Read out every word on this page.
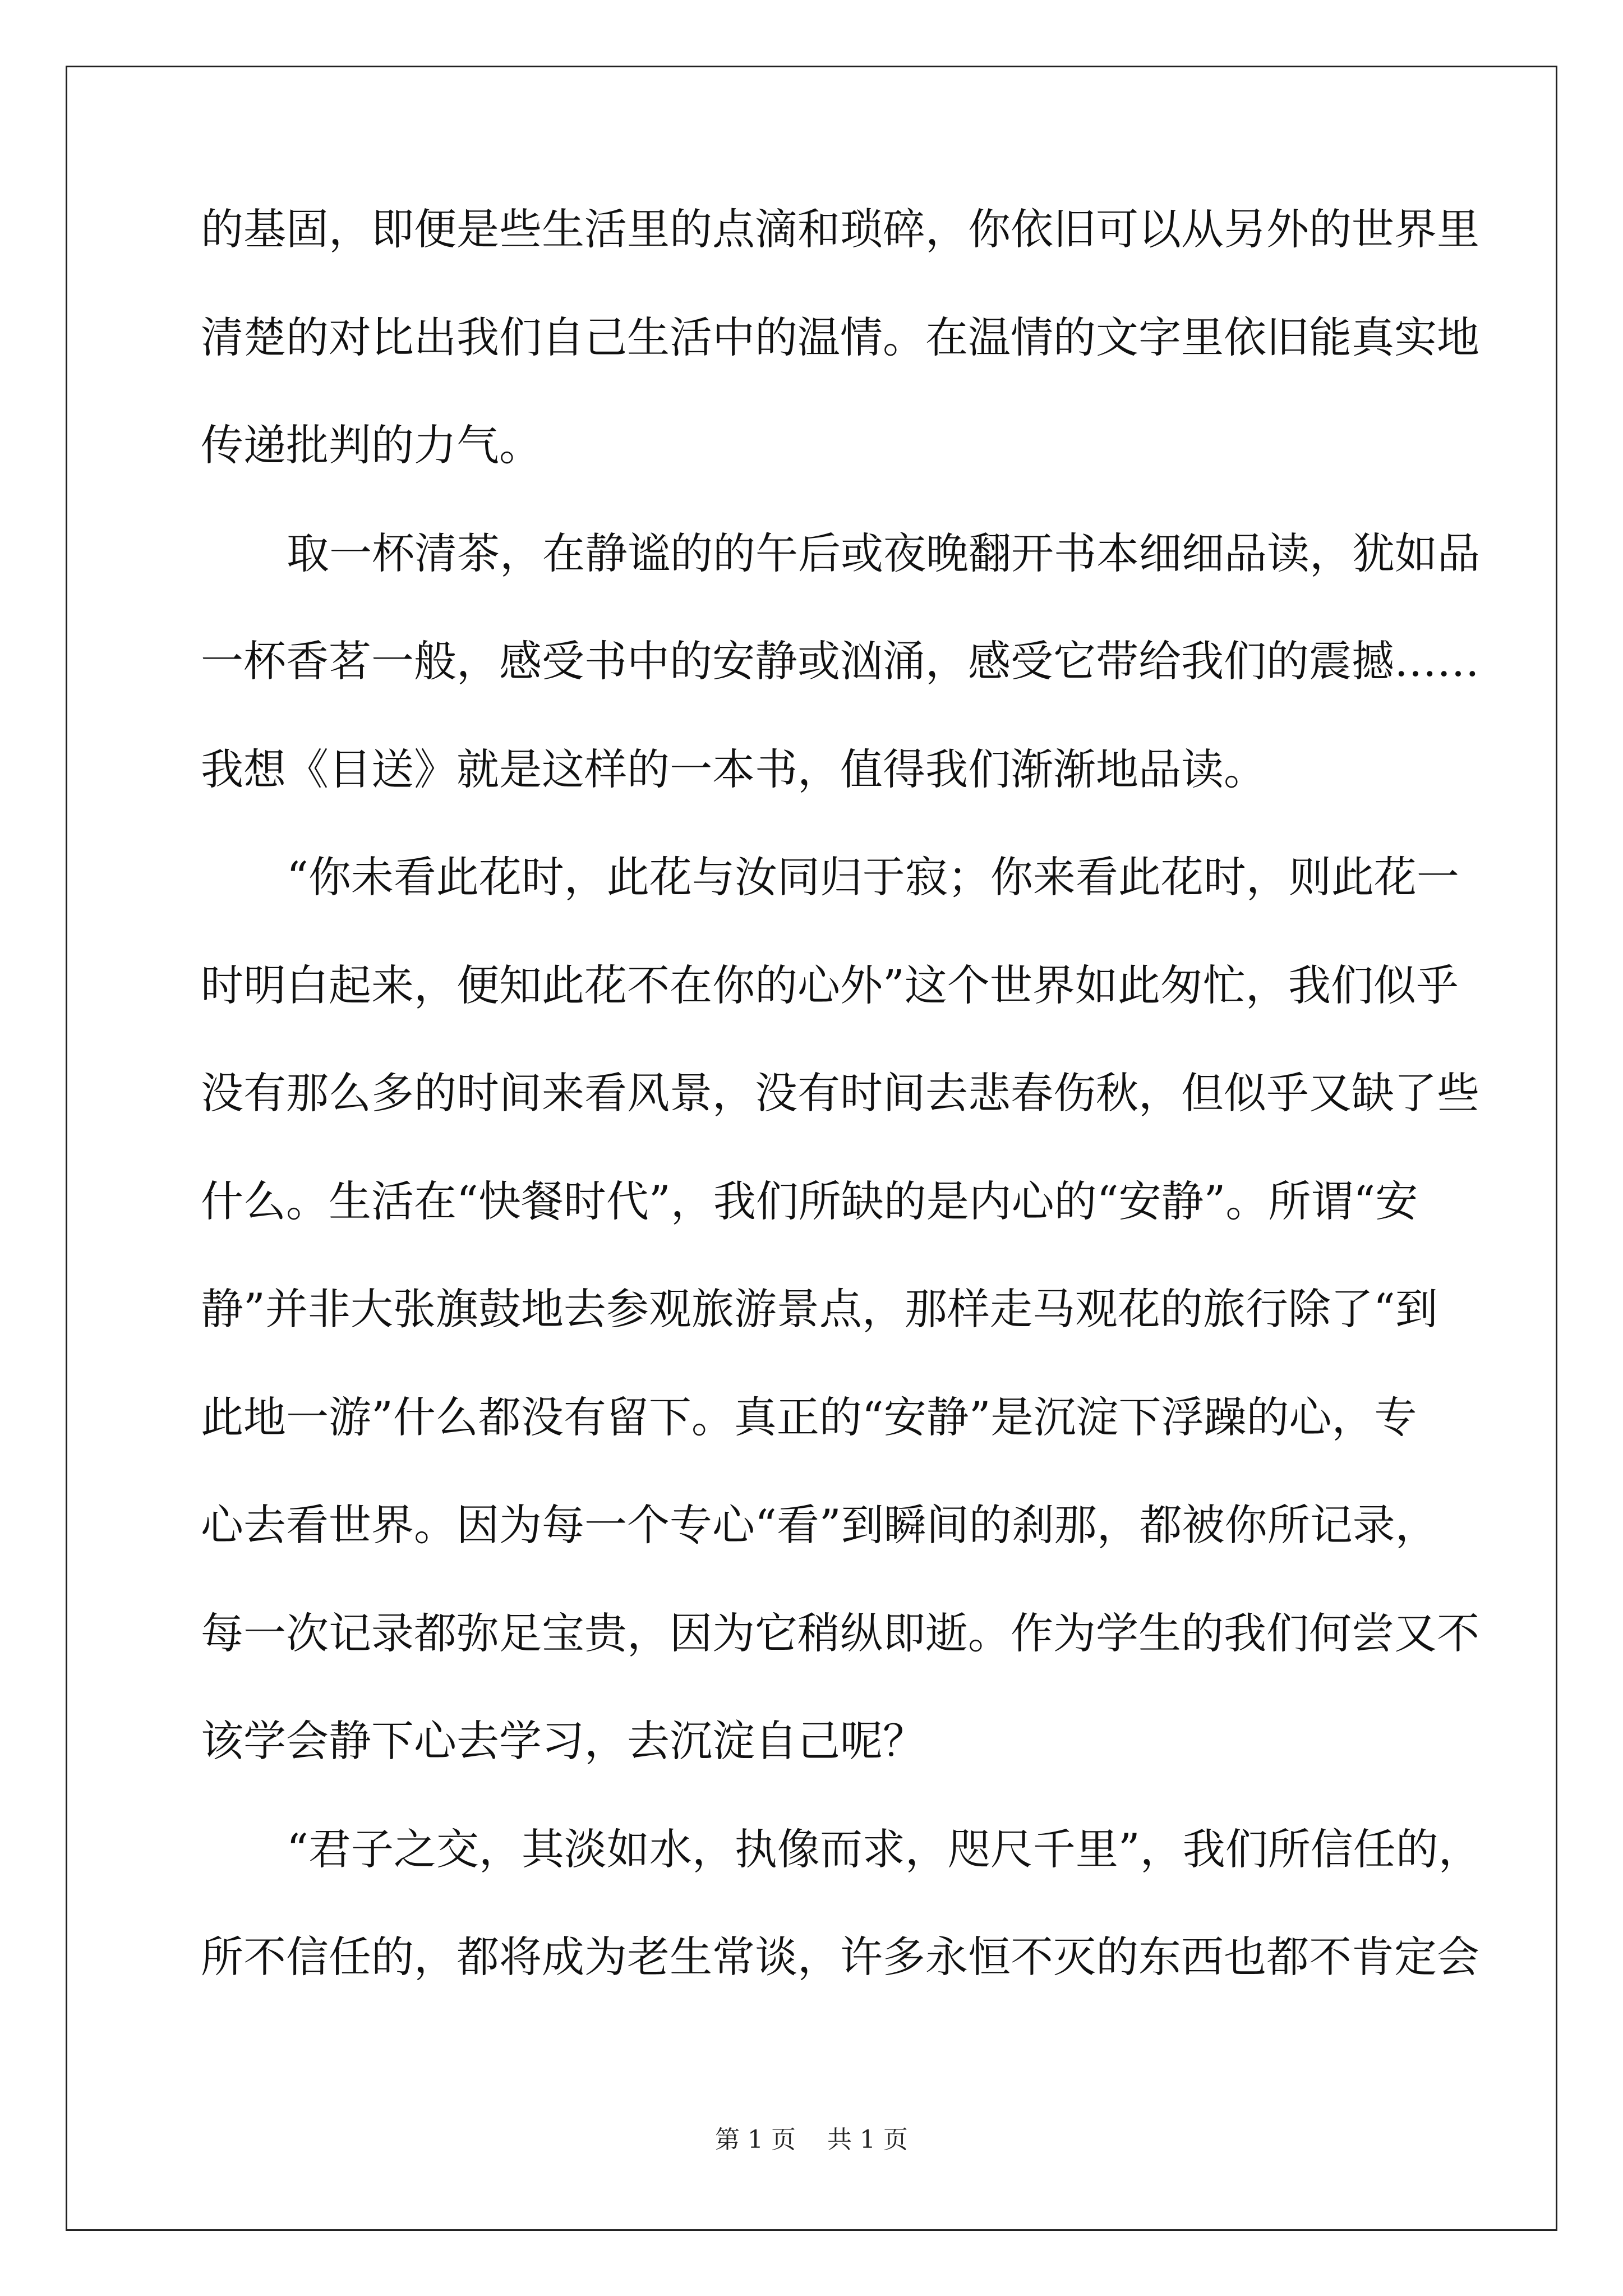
的基固，即便是些生活里的点滴和琐碎，你依旧可以从另外的世界里
清楚的对比出我们自己生活中的温情。在温情的文字里依旧能真实地
传递批判的力气。
取一杯清茶，在静谧的的午后或夜晚翻开书本细细品读，犹如品
一杯香茗一般，感受书中的安静或汹涌，感受它带给我们的震撼……
我想《目送》就是这样的一本书，值得我们渐渐地品读。
“你未看此花时，此花与汝同归于寂；你来看此花时，则此花一
时明白起来，便知此花不在你的心外”这个世界如此匆忙，我们似乎
没有那么多的时间来看风景，没有时间去悲春伤秋，但似乎又缺了些
什么。生活在“快餐时代”，我们所缺的是内心的“安静”。所谓“安
静”并非大张旗鼓地去参观旅游景点，那样走马观花的旅行除了“到
此地一游”什么都没有留下。真正的“安静”是沉淀下浮躁的心，专
心去看世界。因为每一个专心“看”到瞬间的刹那，都被你所记录，
每一次记录都弥足宝贵，因为它稍纵即逝。作为学生的我们何尝又不
该学会静下心去学习，去沉淀自己呢？
“君子之交，其淡如水，执像而求，咫尺千里”，我们所信任的，
所不信任的，都将成为老生常谈，许多永恒不灭的东西也都不肯定会
第 1 页    共 1 页
